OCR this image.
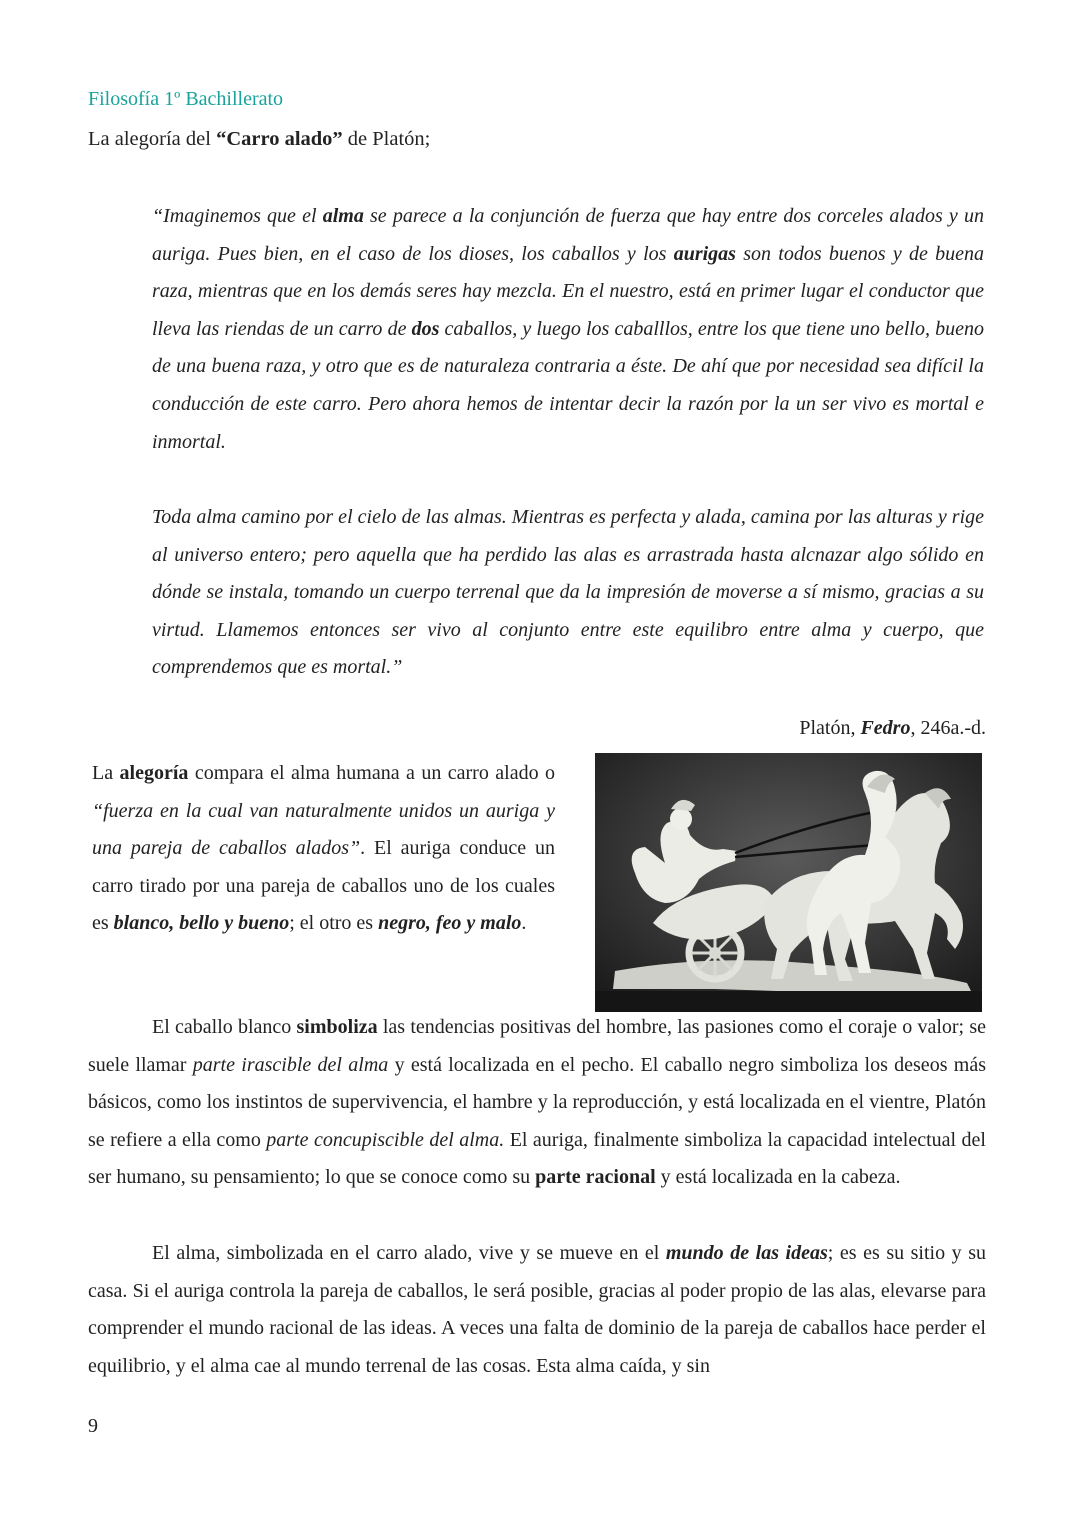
Filosofía 1º Bachillerato
La alegoría del “Carro alado” de Platón;

“Imaginemos que el alma se parece a la conjunción de fuerza que hay entre dos corceles alados y un auriga. Pues bien, en el caso de los dioses, los caballos y los aurigas son todos buenos y de buena raza, mientras que en los demás seres hay mezcla. En el nuestro, está en primer lugar el conductor que lleva las riendas de un carro de dos caballos, y luego los caballlos, entre los que tiene uno bello, bueno de una buena raza, y otro que es de naturaleza contraria a éste. De ahí que por necesidad sea difícil la conducción de este carro. Pero ahora hemos de intentar decir la razón por la un ser vivo es mortal e inmortal.

Toda alma camino por el cielo de las almas. Mientras es perfecta y alada, camina por las alturas y rige al universo entero; pero aquella que ha perdido las alas es arrastrada hasta alcnazar algo sólido en dónde se instala, tomando un cuerpo terrenal que da la impresión de moverse a sí mismo, gracias a su virtud. Llamemos entonces ser vivo al conjunto entre este equilibro entre alma y cuerpo, que comprendemos que es mortal.”

Platón, Fedro, 246a.-d.

La alegoría compara el alma humana a un carro alado o “fuerza en la cual van naturalmente unidos un auriga y una pareja de caballos alados”. El auriga conduce un carro tirado por una pareja de caballos uno de los cuales es blanco, bello y bueno; el otro es negro, feo y malo.

El caballo blanco simboliza las tendencias positivas del hombre, las pasiones como el coraje o valor; se suele llamar parte irascible del alma y está localizada en el pecho. El caballo negro simboliza los deseos más básicos, como los instintos de supervivencia, el hambre y la reproducción, y está localizada en el vientre, Platón se refiere a ella como parte concupiscible del alma. El auriga, finalmente simboliza la capacidad intelectual del ser humano, su pensamiento; lo que se conoce como su parte racional y está localizada en la cabeza.

El alma, simbolizada en el carro alado, vive y se mueve en el mundo de las ideas; es es su sitio y su casa. Si el auriga controla la pareja de caballos, le será posible, gracias al poder propio de las alas, elevarse para comprender el mundo racional de las ideas. A veces una falta de dominio de la pareja de caballos hace perder el equilibrio, y el alma cae al mundo terrenal de las cosas. Esta alma caída, y sin

9
